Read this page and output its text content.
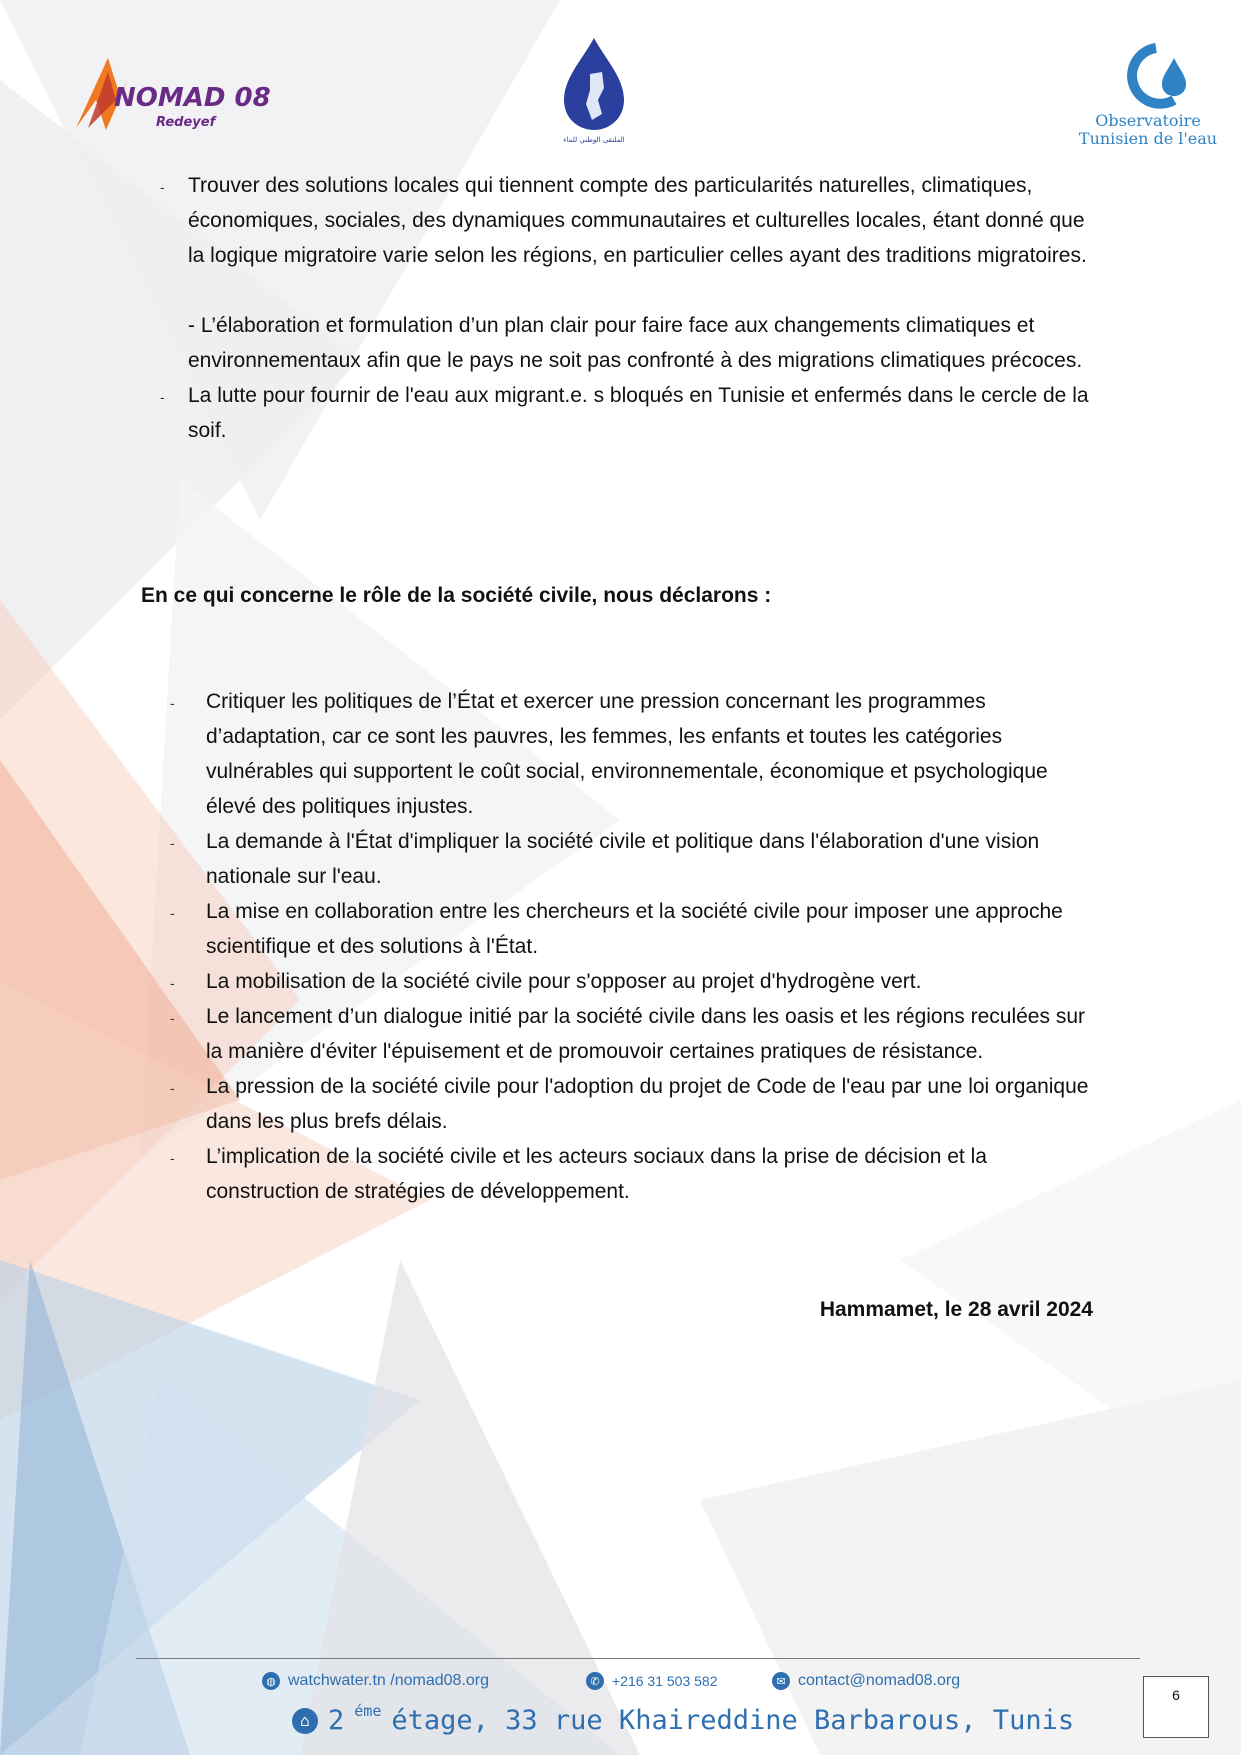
NOMAD 08
Redeyef
الملتقى الوطني للماء
Observatoire
Tunisien de l'eau
- Trouver des solutions locales qui tiennent compte des particularités naturelles, climatiques, économiques, sociales, des dynamiques communautaires et culturelles locales, étant donné que la logique migratoire varie selon les régions, en particulier celles ayant des traditions migratoires.
- L’élaboration et formulation d’un plan clair pour faire face aux changements climatiques et environnementaux afin que le pays ne soit pas confronté à des migrations climatiques précoces.
- La lutte pour fournir de l'eau aux migrant.e. s bloqués en Tunisie et enfermés dans le cercle de la soif.
En ce qui concerne le rôle de la société civile, nous déclarons :
- Critiquer les politiques de l’État et exercer une pression concernant les programmes d’adaptation, car ce sont les pauvres, les femmes, les enfants et toutes les catégories vulnérables qui supportent le coût social, environnementale, économique et psychologique élevé des politiques injustes.
- La demande à l'État d'impliquer la société civile et politique dans l'élaboration d'une vision nationale sur l'eau.
- La mise en collaboration entre les chercheurs et la société civile pour imposer une approche scientifique et des solutions à l'État.
- La mobilisation de la société civile pour s'opposer au projet d'hydrogène vert.
- Le lancement d’un dialogue initié par la société civile dans les oasis et les régions reculées sur la manière d'éviter l'épuisement et de promouvoir certaines pratiques de résistance.
- La pression de la société civile pour l'adoption du projet de Code de l'eau par une loi organique dans les plus brefs délais.
- L’implication de la société civile et les acteurs sociaux dans la prise de décision et la construction de stratégies de développement.
Hammamet, le 28 avril 2024
◍ watchwater.tn /nomad08.org	✆ +216 31 503 582	✉ contact@nomad08.org
⌂ 2 $^{éme}$ étage, 33 rue Khaireddine Barbarous, Tunis
6
